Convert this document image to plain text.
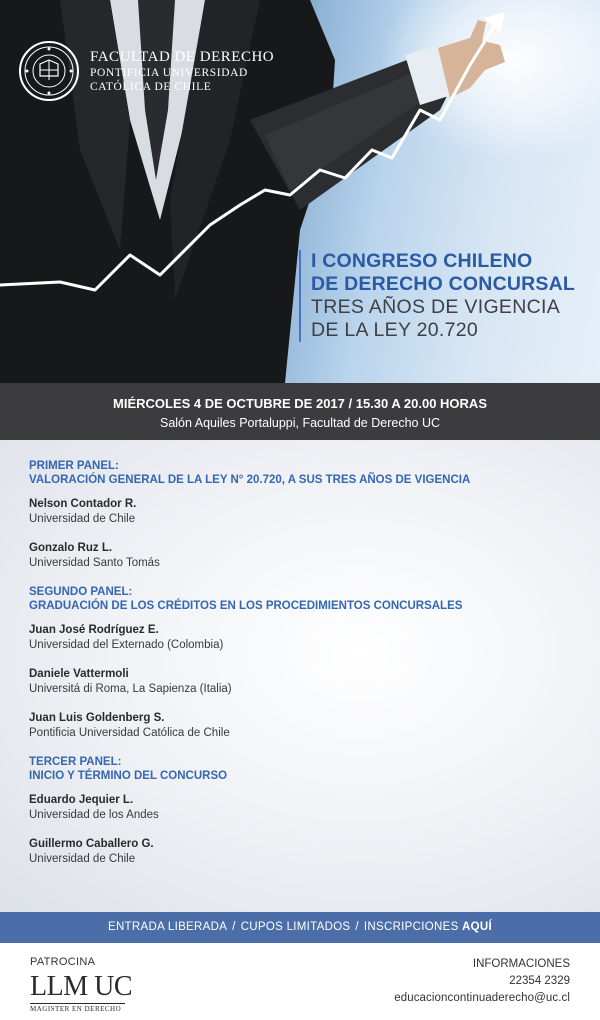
FACULTAD DE DERECHO
PONTIFICIA UNIVERSIDAD
CATÓLICA DE CHILE
I CONGRESO CHILENO
DE DERECHO CONCURSAL
TRES AÑOS DE VIGENCIA
DE LA LEY 20.720
MIÉRCOLES 4 DE OCTUBRE DE 2017 / 15.30 A 20.00 HORAS
Salón Aquiles Portaluppi, Facultad de Derecho UC
PRIMER PANEL:
VALORACIÓN GENERAL DE LA LEY N° 20.720, A SUS TRES AÑOS DE VIGENCIA
Nelson Contador R.
Universidad de Chile
Gonzalo Ruz L.
Universidad Santo Tomás
SEGUNDO PANEL:
GRADUACIÓN DE LOS CRÉDITOS EN LOS PROCEDIMIENTOS CONCURSALES
Juan José Rodríguez E.
Universidad del Externado (Colombia)
Daniele Vattermoli
Universitá di Roma, La Sapienza (Italia)
Juan Luis Goldenberg S.
Pontificia Universidad Católica de Chile
TERCER PANEL:
INICIO Y TÉRMINO DEL CONCURSO
Eduardo Jequier L.
Universidad de los Andes
Guillermo Caballero G.
Universidad de Chile
ENTRADA LIBERADA / CUPOS LIMITADOS / INSCRIPCIONES AQUÍ
PATROCINA
LLM UC
MAGISTER EN DERECHO
INFORMACIONES
22354 2329
educacioncontinuaderecho@uc.cl
